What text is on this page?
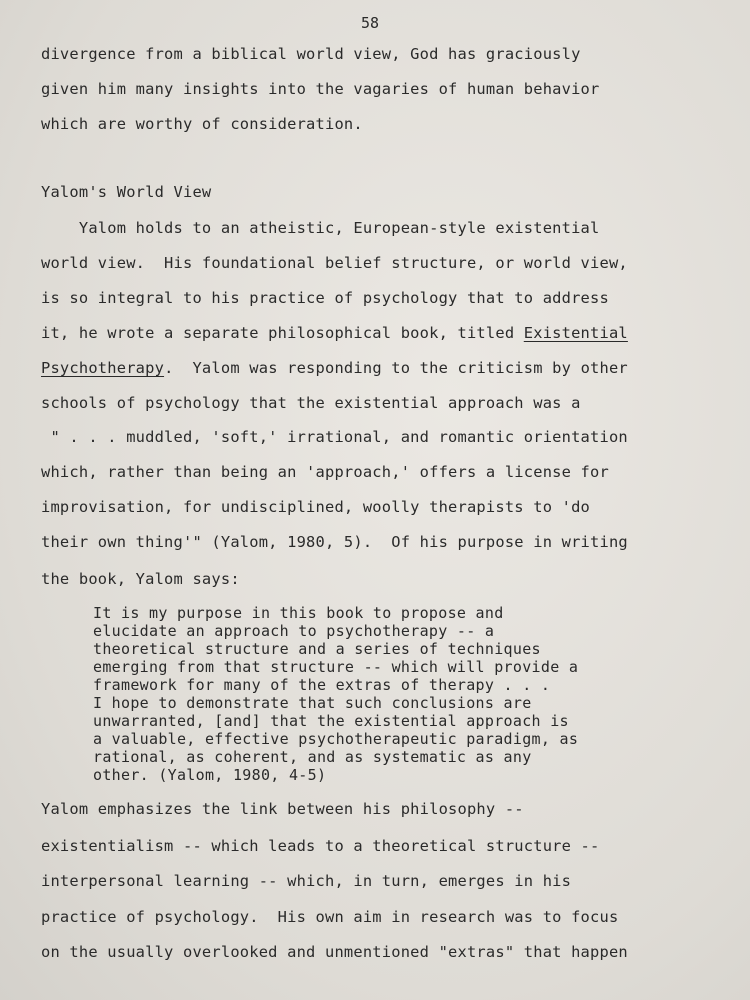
58
divergence from a biblical world view, God has graciously
given him many insights into the vagaries of human behavior
which are worthy of consideration.
Yalom's World View
Yalom holds to an atheistic, European-style existential
world view.  His foundational belief structure, or world view,
is so integral to his practice of psychology that to address
it, he wrote a separate philosophical book, titled Existential
Psychotherapy.  Yalom was responding to the criticism by other
schools of psychology that the existential approach was a
" . . . muddled, 'soft,' irrational, and romantic orientation
which, rather than being an 'approach,' offers a license for
improvisation, for undisciplined, woolly therapists to 'do
their own thing'" (Yalom, 1980, 5).  Of his purpose in writing
the book, Yalom says:
It is my purpose in this book to propose and
elucidate an approach to psychotherapy -- a
theoretical structure and a series of techniques
emerging from that structure -- which will provide a
framework for many of the extras of therapy . . .
I hope to demonstrate that such conclusions are
unwarranted, [and] that the existential approach is
a valuable, effective psychotherapeutic paradigm, as
rational, as coherent, and as systematic as any
other. (Yalom, 1980, 4-5)
Yalom emphasizes the link between his philosophy --
existentialism -- which leads to a theoretical structure --
interpersonal learning -- which, in turn, emerges in his
practice of psychology.  His own aim in research was to focus
on the usually overlooked and unmentioned "extras" that happen
